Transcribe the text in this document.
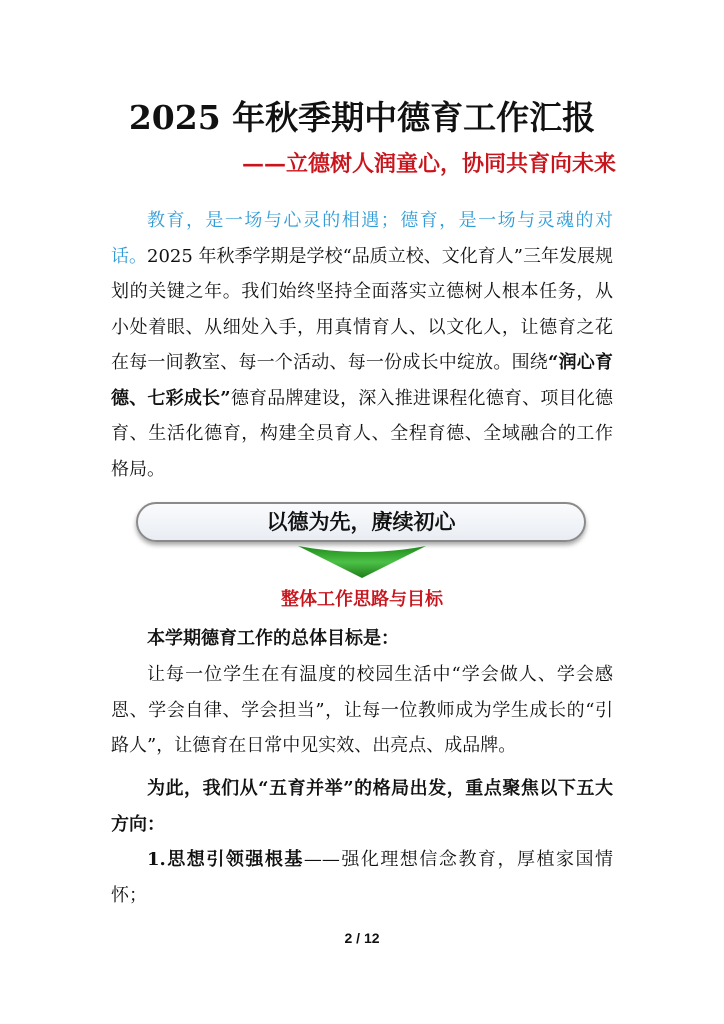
2025 年秋季期中德育工作汇报
——立德树人润童心，协同共育向未来
教育，是一场与心灵的相遇；德育，是一场与灵魂的对话。2025 年秋季学期是学校“品质立校、文化育人”三年发展规划的关键之年。我们始终坚持全面落实立德树人根本任务，从小处着眼、从细处入手，用真情育人、以文化人，让德育之花在每一间教室、每一个活动、每一份成长中绽放。围绕“润心育德、七彩成长”德育品牌建设，深入推进课程化德育、项目化德育、生活化德育，构建全员育人、全程育德、全域融合的工作格局。
以德为先，赓续初心
整体工作思路与目标
本学期德育工作的总体目标是：
让每一位学生在有温度的校园生活中“学会做人、学会感恩、学会自律、学会担当”，让每一位教师成为学生成长的“引路人”，让德育在日常中见实效、出亮点、成品牌。
为此，我们从“五育并举”的格局出发，重点聚焦以下五大方向：
1.思想引领强根基——强化理想信念教育，厚植家国情怀；
2 / 12
